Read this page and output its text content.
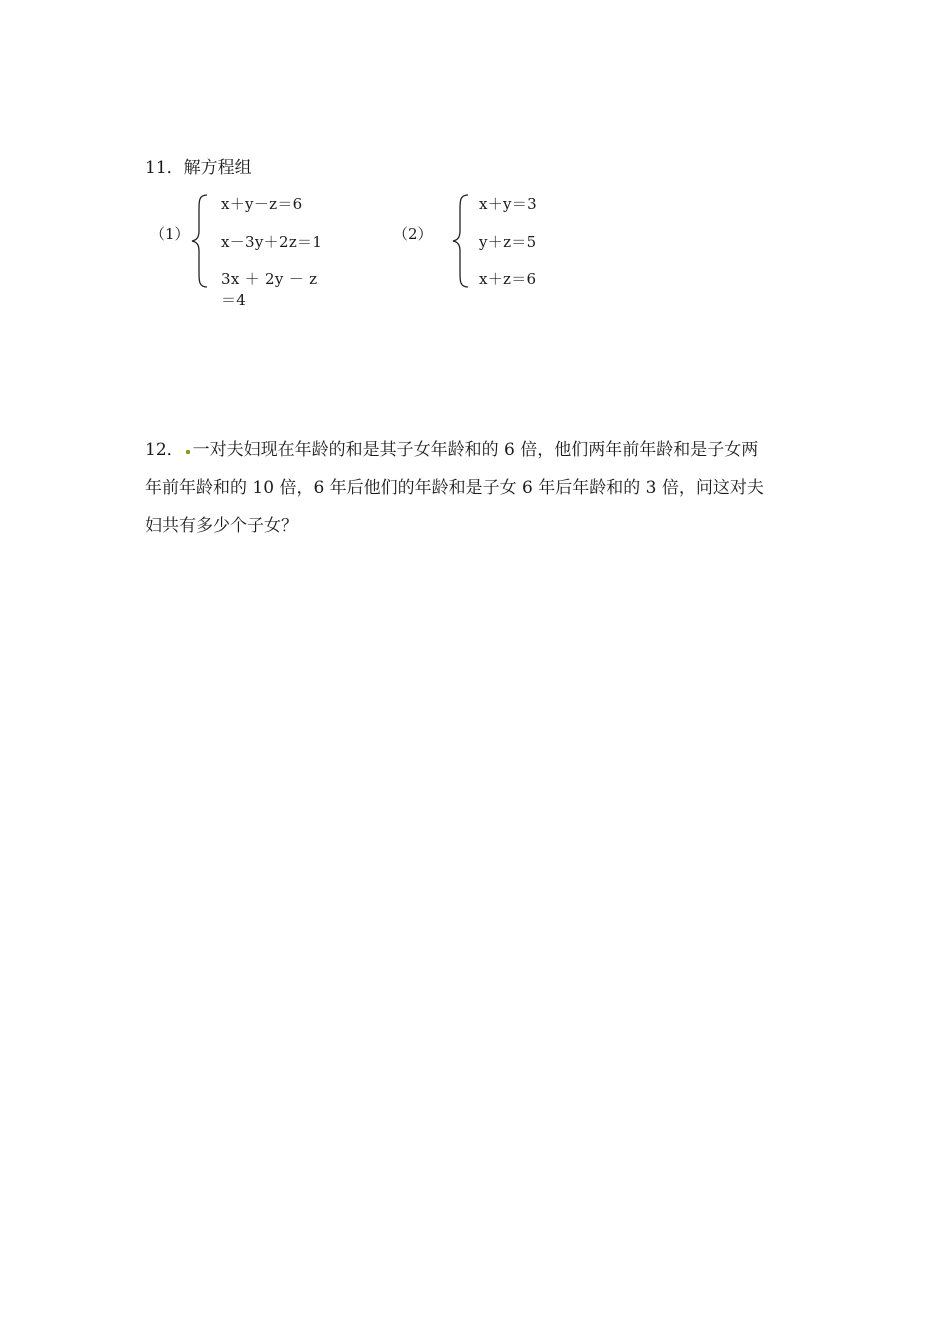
11．解方程组
（1）
x＋y－z＝6
x－3y＋2z＝1
3x ＋ 2y － z
＝4
（2）
x＋y＝3
y＋z＝5
x＋z＝6
12． 一对夫妇现在年龄的和是其子女年龄和的 6 倍，他们两年前年龄和是子女两
年前年龄和的 10 倍，6 年后他们的年龄和是子女 6 年后年龄和的 3 倍，问这对夫
妇共有多少个子女？
